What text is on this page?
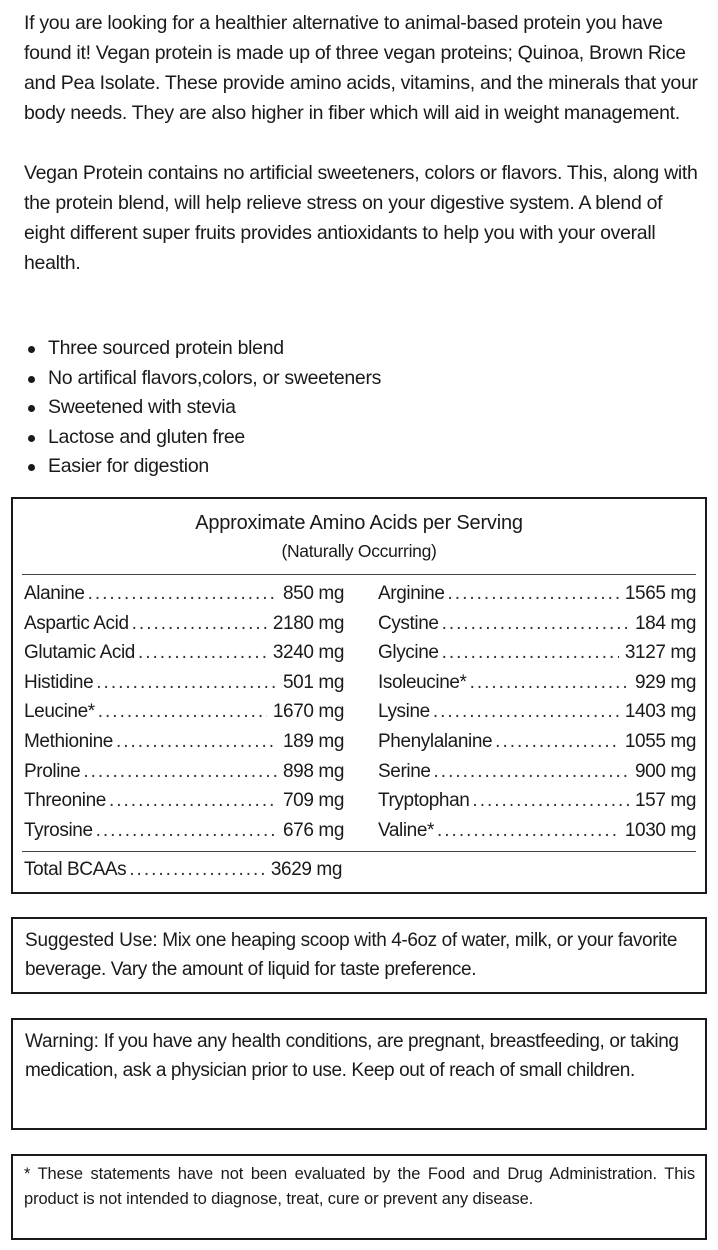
If you are looking for a healthier alternative to animal-based protein you have found it! Vegan protein is made up of three vegan proteins; Quinoa, Brown Rice and Pea Isolate. These provide amino acids, vitamins, and the minerals that your body needs. They are also higher in fiber which will aid in weight management.

Vegan Protein contains no artificial sweeteners, colors or flavors. This, along with the protein blend, will help relieve stress on your digestive system. A blend of eight different super fruits provides antioxidants to help you with your overall health.

Three sourced protein blend
No artifical flavors,colors, or sweeteners
Sweetened with stevia
Lactose and gluten free
Easier for digestion
Approximate Amino Acids per Serving
(Naturally Occurring)
Alanine .....	850 mg
Aspartic Acid .....	2180 mg
Glutamic Acid .....	3240 mg
Histidine .....	501 mg
Leucine* .....	1670 mg
Methionine .....	189 mg
Proline .....	898 mg
Threonine .....	709 mg
Tyrosine .....	676 mg
Arginine .....	1565 mg
Cystine .....	184 mg
Glycine .....	3127 mg
Isoleucine* .....	929 mg
Lysine .....	1403 mg
Phenylalanine .....	1055 mg
Serine .....	900 mg
Tryptophan .....	157 mg
Valine* .....	1030 mg
Total BCAAs .....	3629 mg
Suggested Use: Mix one heaping scoop with 4-6oz of water, milk, or your favorite beverage. Vary the amount of liquid for taste preference.
Warning: If you have any health conditions, are pregnant, breastfeeding, or taking medication, ask a physician prior to use. Keep out of reach of small children.
* These statements have not been evaluated by the Food and Drug Administration. This product is not intended to diagnose, treat, cure or prevent any disease.
